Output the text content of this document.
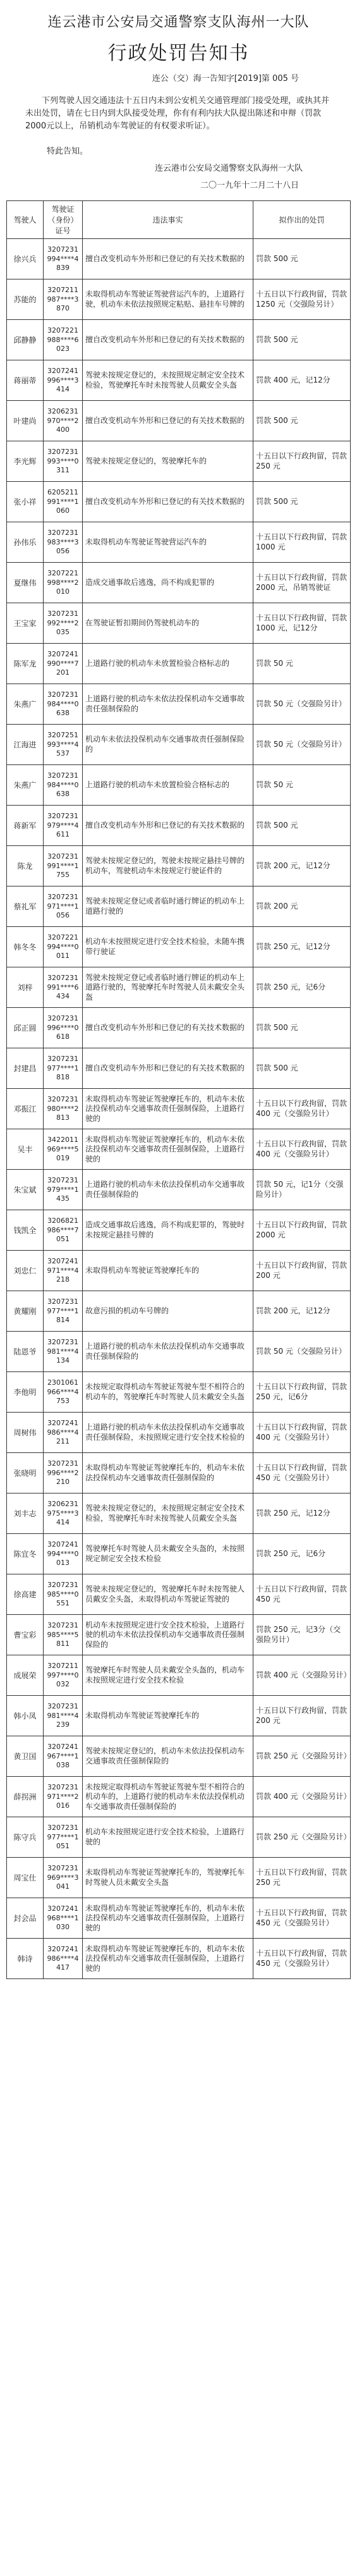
连云港市公安局交通警察支队海州一大队
行政处罚告知书
连公（交）海一告知字[2019]第 005 号
下列驾驶人因交通违法十五日内未到公安机关交通管理部门接受处理，或执其并未出处罚，请在七日内到大队接受处理，你有有利内扶大队提出陈述和申辩（罚款2000元以上，吊销机动车驾驶证的有权要求听证）。
特此告知。
连云港市公安局交通警察支队海州一大队
二〇一九年十二月二十八日
驾驶人	驾驶证（身份）证号	违法事实	拟作出的处罚
徐兴兵	3207231994****4839	擅自改变机动车外形和已登记的有关技术数据的	罚款 500 元
苏能的	3207211987****3870	未取得机动车驾驶证驾驶营运汽车的，上道路行驶，机动车未依法按照规定粘贴、悬挂车号牌的	十五日以下行政拘留，罚款 1250 元（交强险另计）
邱静静	3207221988****6023	擅自改变机动车外形和已登记的有关技术数据的	罚款 500 元
蒋丽蒂	3207241996****3414	驾驶未按规定登记的，未按照规定制定安全技术检验，驾驶摩托车时未按驾驶人员戴安全头盔	罚款 400 元，记12分
叶建尚	3206231970****2400	擅自改变机动车外形和已登记的有关技术数据的	罚款 500 元
李光辉	3207231993****0311	驾驶未按规定登记的，驾驶摩托车的	十五日以下行政拘留，罚款 250 元
张小祥	6205211991****1060	擅自改变机动车外形和已登记的有关技术数据的	罚款 500 元
孙伟乐	3207231983****3056	未取得机动车驾驶证驾驶营运汽车的	十五日以下行政拘留，罚款 1000 元
夏继伟	3207221998****2010	造成交通事故后逃逸，尚不构成犯罪的	十五日以下行政拘留，罚款 2000 元，吊销驾驶证
王宝家	3207231992****2035	在驾驶证暂扣期间仍驾驶机动车的	十五日以下行政拘留，罚款 1000 元，记12分
陈军龙	3207241990****7201	上道路行驶的机动车未放置检验合格标志的	罚款 50 元
朱燕广	3207231984****0638	上道路行驶的机动车未依法投保机动车交通事故责任强制保险的	罚款 50 元（交强险另计）
江海进	3207251993****4537	机动车未依法投保机动车交通事故责任强制保险的	罚款 50 元（交强险另计）
朱燕广	3207231984****0638	上道路行驶的机动车未放置检验合格标志的	罚款 50 元
蒋新军	3207231979****4611	擅自改变机动车外形和已登记的有关技术数据的	罚款 500 元
陈龙	3207231991****1755	驾驶未按规定登记的，驾驶未按规定悬挂号牌的机动车，驾驶机动车未按规定行驶证件的	罚款 200 元，记12分
蔡礼军	3207231971****1056	驾驶未按规定登记或者临时通行牌证的机动车上道路行驶的	罚款 200 元
韩冬冬	3207221994****0011	机动车未按照规定进行安全技术检验，未随车携带行驶证	罚款 250 元，记12分
刘梓	3207231991****6434	驾驶未按规定登记或者临时通行牌证的机动车上道路行驶的，驾驶摩托车时驾驶人员未戴安全头盔	罚款 250 元，记6分
邱正圆	3207231996****0618	擅自改变机动车外形和已登记的有关技术数据的	罚款 500 元
封建昌	3207231977****1818	擅自改变机动车外形和已登记的有关技术数据的	罚款 500 元
邓振江	3207231980****2813	未取得机动车驾驶证驾驶摩托车的，机动车未依法投保机动车交通事故责任强制保险，上道路行驶的	十五日以下行政拘留，罚款 400 元（交强险另计）
吴丰	3422011969****5019	未取得机动车驾驶证驾驶摩托车的，机动车未依法投保机动车交通事故责任强制保险，上道路行驶的	十五日以下行政拘留，罚款 400 元（交强险另计）
朱宝斌	3207231979****1435	上道路行驶的机动车未依法投保机动车交通事故责任强制保险的	罚款 50 元，记1分（交强险另计）
钱凯全	3206821986****7051	造成交通事故后逃逸，尚不构成犯罪的，驾驶时未按规定悬挂号牌的	十五日以下行政拘留，罚款 2000 元
刘忠仁	3207241971****4218	未取得机动车驾驶证驾驶摩托车的	十五日以下行政拘留，罚款 200 元
黄耀刚	3207231977****1814	故意污损的机动车号牌的	罚款 200 元，记12分
陆恩爷	3207231981****4134	上道路行驶的机动车未依法投保机动车交通事故责任强制保险的	罚款 50 元（交强险另计）
李他明	2301061966****4753	未按规定取得机动车驾驶证驾驶车型不相符合的机动车的，驾驶摩托车时驾驶人员未戴安全头盔	十五日以下行政拘留，罚款 250 元，记6分
周树伟	3207241986****4211	上道路行驶的机动车未依法投保机动车交通事故责任强制保险，未按照规定进行安全技术检验的	十五日以下行政拘留，罚款 400 元（交强险另计）
张晓明	3207231996****2210	未取得机动车驾驶证驾驶摩托车的，机动车未依法投保机动车交通事故责任强制保险的	十五日以下行政拘留，罚款 450 元（交强险另计）
刘丰志	3206231975****3414	驾驶未按规定登记的，未按照规定制定安全技术检验，驾驶摩托车时未按驾驶人员戴安全头盔	罚款 250 元，记12分
陈宜冬	3207241994****0013	驾驶摩托车时驾驶人员未戴安全头盔的，未按照规定制定安全技术检验	罚款 250 元，记6分
徐高建	3207231985****0551	驾驶未按规定登记的，驾驶摩托车时未按驾驶人员戴安全头盔，未取得机动车驾驶证驾驶的	十五日以下行政拘留，罚款 450 元
曹宝彩	3207231985****5811	机动车未按照规定进行安全技术检验，上道路行驶的机动车未依法投保机动车交通事故责任强制保险的	罚款 250 元，记3分（交强险另计）
成展荣	3207211997****0032	驾驶摩托车时驾驶人员未戴安全头盔的，机动车未按照规定进行安全技术检验	罚款 400 元（交强险另计）
韩小凤	3207231981****4239	未取得机动车驾驶证驾驶摩托车的	十五日以下行政拘留，罚款 200 元
黄卫国	3207241967****1038	驾驶未按规定登记的，机动车未依法投保机动车交通事故责任强制保险的	罚款 250 元（交强险另计）
薛拐洲	3207231971****2016	未按规定取得机动车驾驶证驾驶车型不相符合的机动车的，上道路行驶的机动车未依法投保机动车交通事故责任强制保险的	罚款 400 元（交强险另计）
陈守兵	3207231977****1051	机动车未按照规定进行安全技术检验，上道路行驶的	罚款 250 元（交强险另计）
周宝仕	3207231969****3041	未取得机动车驾驶证驾驶摩托车的，驾驶摩托车时驾驶人员未戴安全头盔	十五日以下行政拘留，罚款 250 元
封会品	3207241968****1030	未取得机动车驾驶证驾驶摩托车的，机动车未依法投保机动车交通事故责任强制保险，上道路行驶的	十五日以下行政拘留，罚款 450 元（交强险另计）
韩诗	3207241986****4417	未取得机动车驾驶证驾驶摩托车的，机动车未依法投保机动车交通事故责任强制保险，上道路行驶的	十五日以下行政拘留，罚款 450 元（交强险另计）
